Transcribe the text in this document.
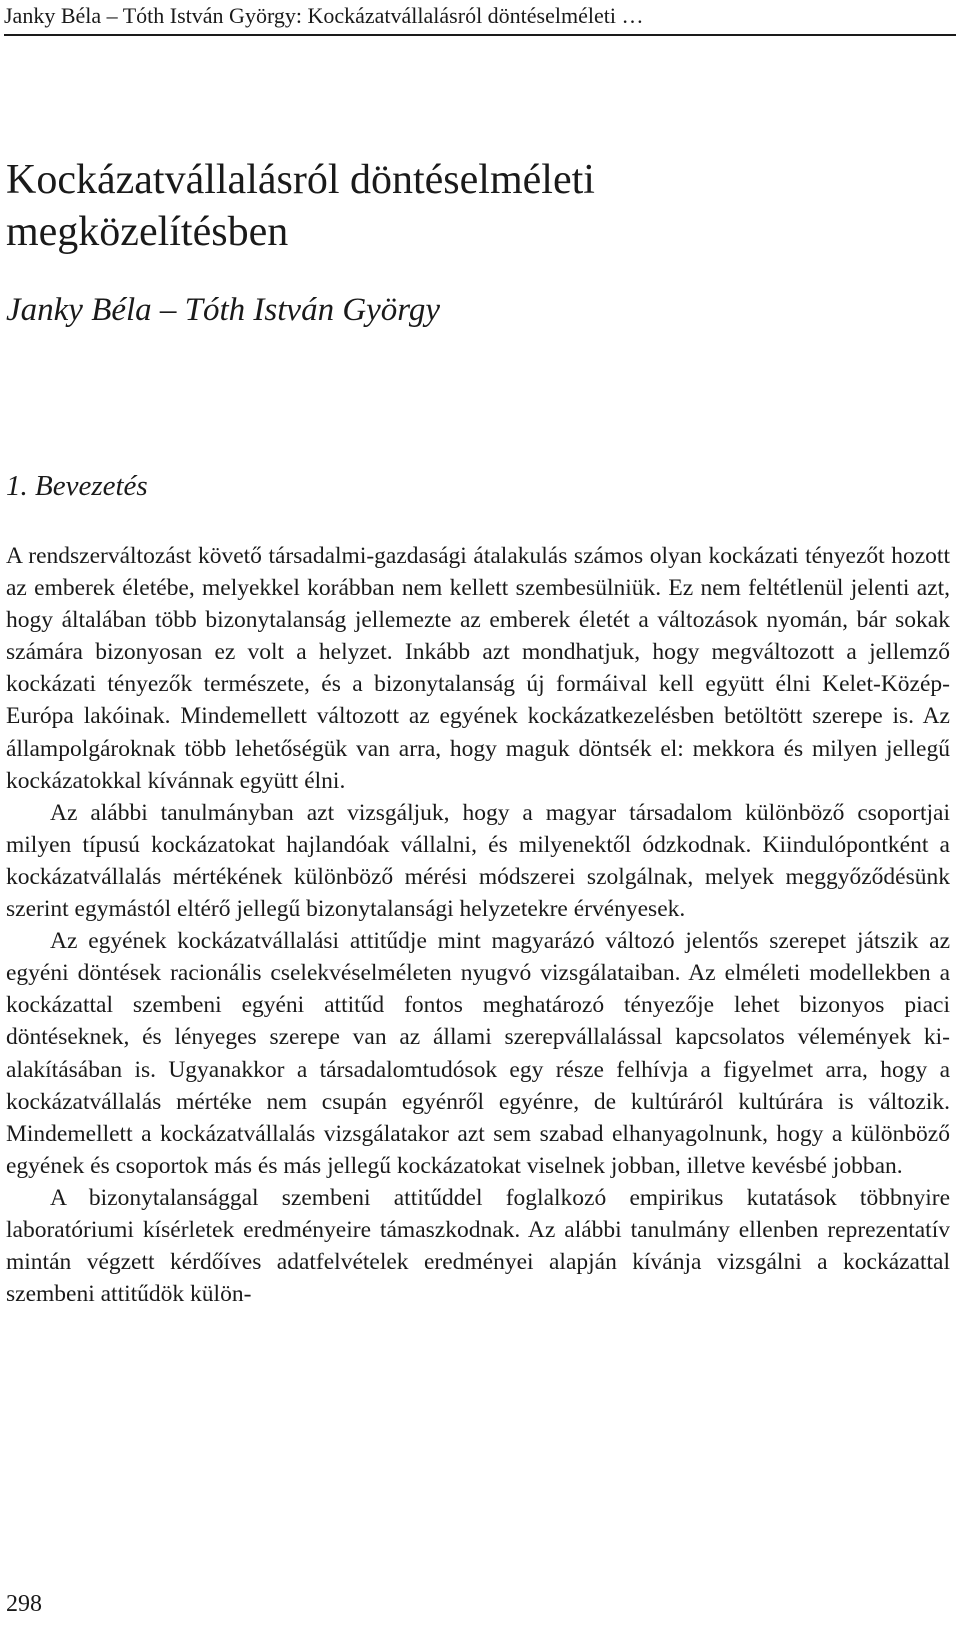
Janky Béla – Tóth István György: Kockázatvállalásról döntéselméleti …
Kockázatvállalásról döntéselméleti
megközelítésben
Janky Béla – Tóth István György
1. Bevezetés

A rendszerváltozást követő társadalmi-gazdasági átalakulás számos olyan kockázati tényezőt hozott az emberek életébe, melyekkel korábban nem kellett szembesülniük. Ez nem feltétlenül jelenti azt, hogy általában több bizonytalanság jellemezte az emberek életét a változások nyomán, bár sokak számára bizonyosan ez volt a helyzet. Inkább azt mondhatjuk, hogy megváltozott a jellemző kockázati tényezők természete, és a bizonytalanság új formáival kell együtt élni Kelet-Közép-Európa lakóinak. Mindemellett változott az egyének kockázatkezelésben betöltött szerepe is. Az állampolgároknak több lehetőségük van arra, hogy maguk döntsék el: mekkora és milyen jellegű kockázatokkal kívánnak együtt élni.

Az alábbi tanulmányban azt vizsgáljuk, hogy a magyar társadalom különböző csoportjai milyen típusú kockázatokat hajlandóak vállalni, és milyenektől ódzkodnak. Kiindulópontként a kockázatvállalás mértékének különböző mérési módszerei szolgálnak, melyek meggyőződésünk szerint egymástól eltérő jellegű bizonytalansági helyzetekre érvényesek.

Az egyének kockázatvállalási attitűdje mint magyarázó változó jelentős szerepet játszik az egyéni döntések racionális cselekvéselméleten nyugvó vizsgálataiban. Az elméleti modellekben a kockázattal szembeni egyéni attitűd fontos meghatározó tényezője lehet bizonyos piaci döntéseknek, és lényeges szerepe van az állami szerepvállalással kapcsolatos vélemények kialakításában is. Ugyanakkor a társadalomtudósok egy része felhívja a figyelmet arra, hogy a kockázatvállalás mértéke nem csupán egyénről egyénre, de kultúráról kultúrára is változik. Mindemellett a kockázatvállalás vizsgálatakor azt sem szabad elhanyagolnunk, hogy a különböző egyének és csoportok más és más jellegű kockázatokat viselnek jobban, illetve kevésbé jobban.

A bizonytalansággal szembeni attitűddel foglalkozó empirikus kutatások többnyire laboratóriumi kísérletek eredményeire támaszkodnak. Az alábbi tanulmány ellenben reprezentatív mintán végzett kérdőíves adatfelvételek eredményei alapján kívánja vizsgálni a kockázattal szembeni attitűdök külön-

298
